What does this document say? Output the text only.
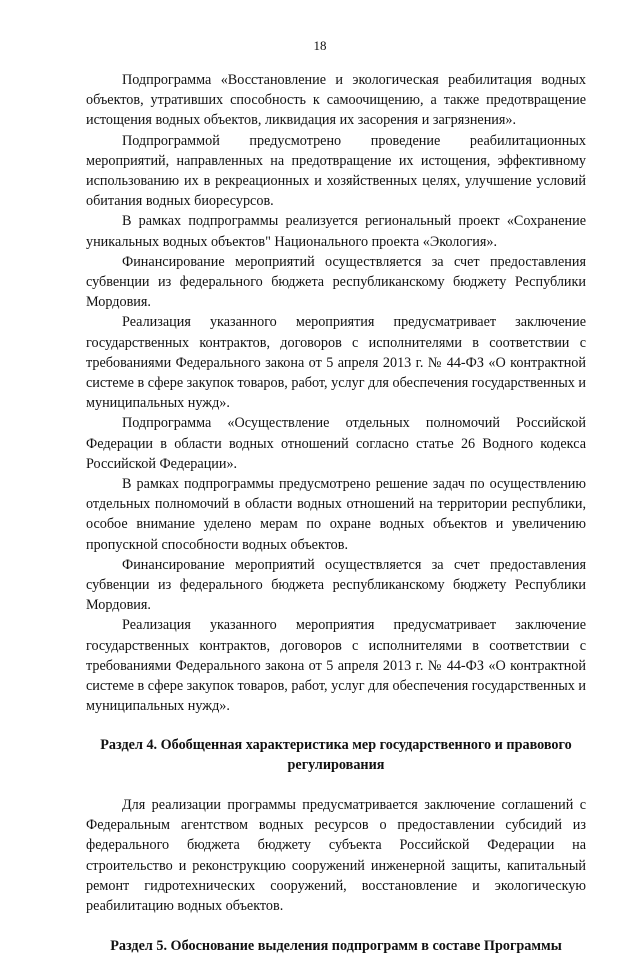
18

Подпрограмма «Восстановление и экологическая реабилитация водных объектов, утративших способность к самоочищению, а также предотвращение истощения водных объектов, ликвидация их засорения и загрязнения».

Подпрограммой предусмотрено проведение реабилитационных мероприятий, направленных на предотвращение их истощения, эффективному использованию их в рекреационных и хозяйственных целях, улучшение условий обитания водных биоресурсов.

В рамках подпрограммы реализуется региональный проект «Сохранение уникальных водных объектов" Национального проекта «Экология».

Финансирование мероприятий осуществляется за счет предоставления субвенции из федерального бюджета республиканскому бюджету Республики Мордовия.

Реализация указанного мероприятия предусматривает заключение государственных контрактов, договоров с исполнителями в соответствии с требованиями Федерального закона от 5 апреля 2013 г. № 44-ФЗ «О контрактной системе в сфере закупок товаров, работ, услуг для обеспечения государственных и муниципальных нужд».

Подпрограмма «Осуществление отдельных полномочий Российской Федерации в области водных отношений согласно статье 26 Водного кодекса Российской Федерации».

В рамках подпрограммы предусмотрено решение задач по осуществлению отдельных полномочий в области водных отношений на территории республики, особое внимание уделено мерам по охране водных объектов и увеличению пропускной способности водных объектов.

Финансирование мероприятий осуществляется за счет предоставления субвенции из федерального бюджета республиканскому бюджету Республики Мордовия.

Реализация указанного мероприятия предусматривает заключение государственных контрактов, договоров с исполнителями в соответствии с требованиями Федерального закона от 5 апреля 2013 г. № 44-ФЗ «О контрактной системе в сфере закупок товаров, работ, услуг для обеспечения государственных и муниципальных нужд».

Раздел 4. Обобщенная характеристика мер государственного и правового регулирования

Для реализации программы предусматривается заключение соглашений с Федеральным агентством водных ресурсов о предоставлении субсидий из федерального бюджета бюджету субъекта Российской Федерации на строительство и реконструкцию сооружений инженерной защиты, капитальный ремонт гидротехнических сооружений, восстановление и экологическую реабилитацию водных объектов.

Раздел 5. Обоснование выделения подпрограмм в составе Программы
